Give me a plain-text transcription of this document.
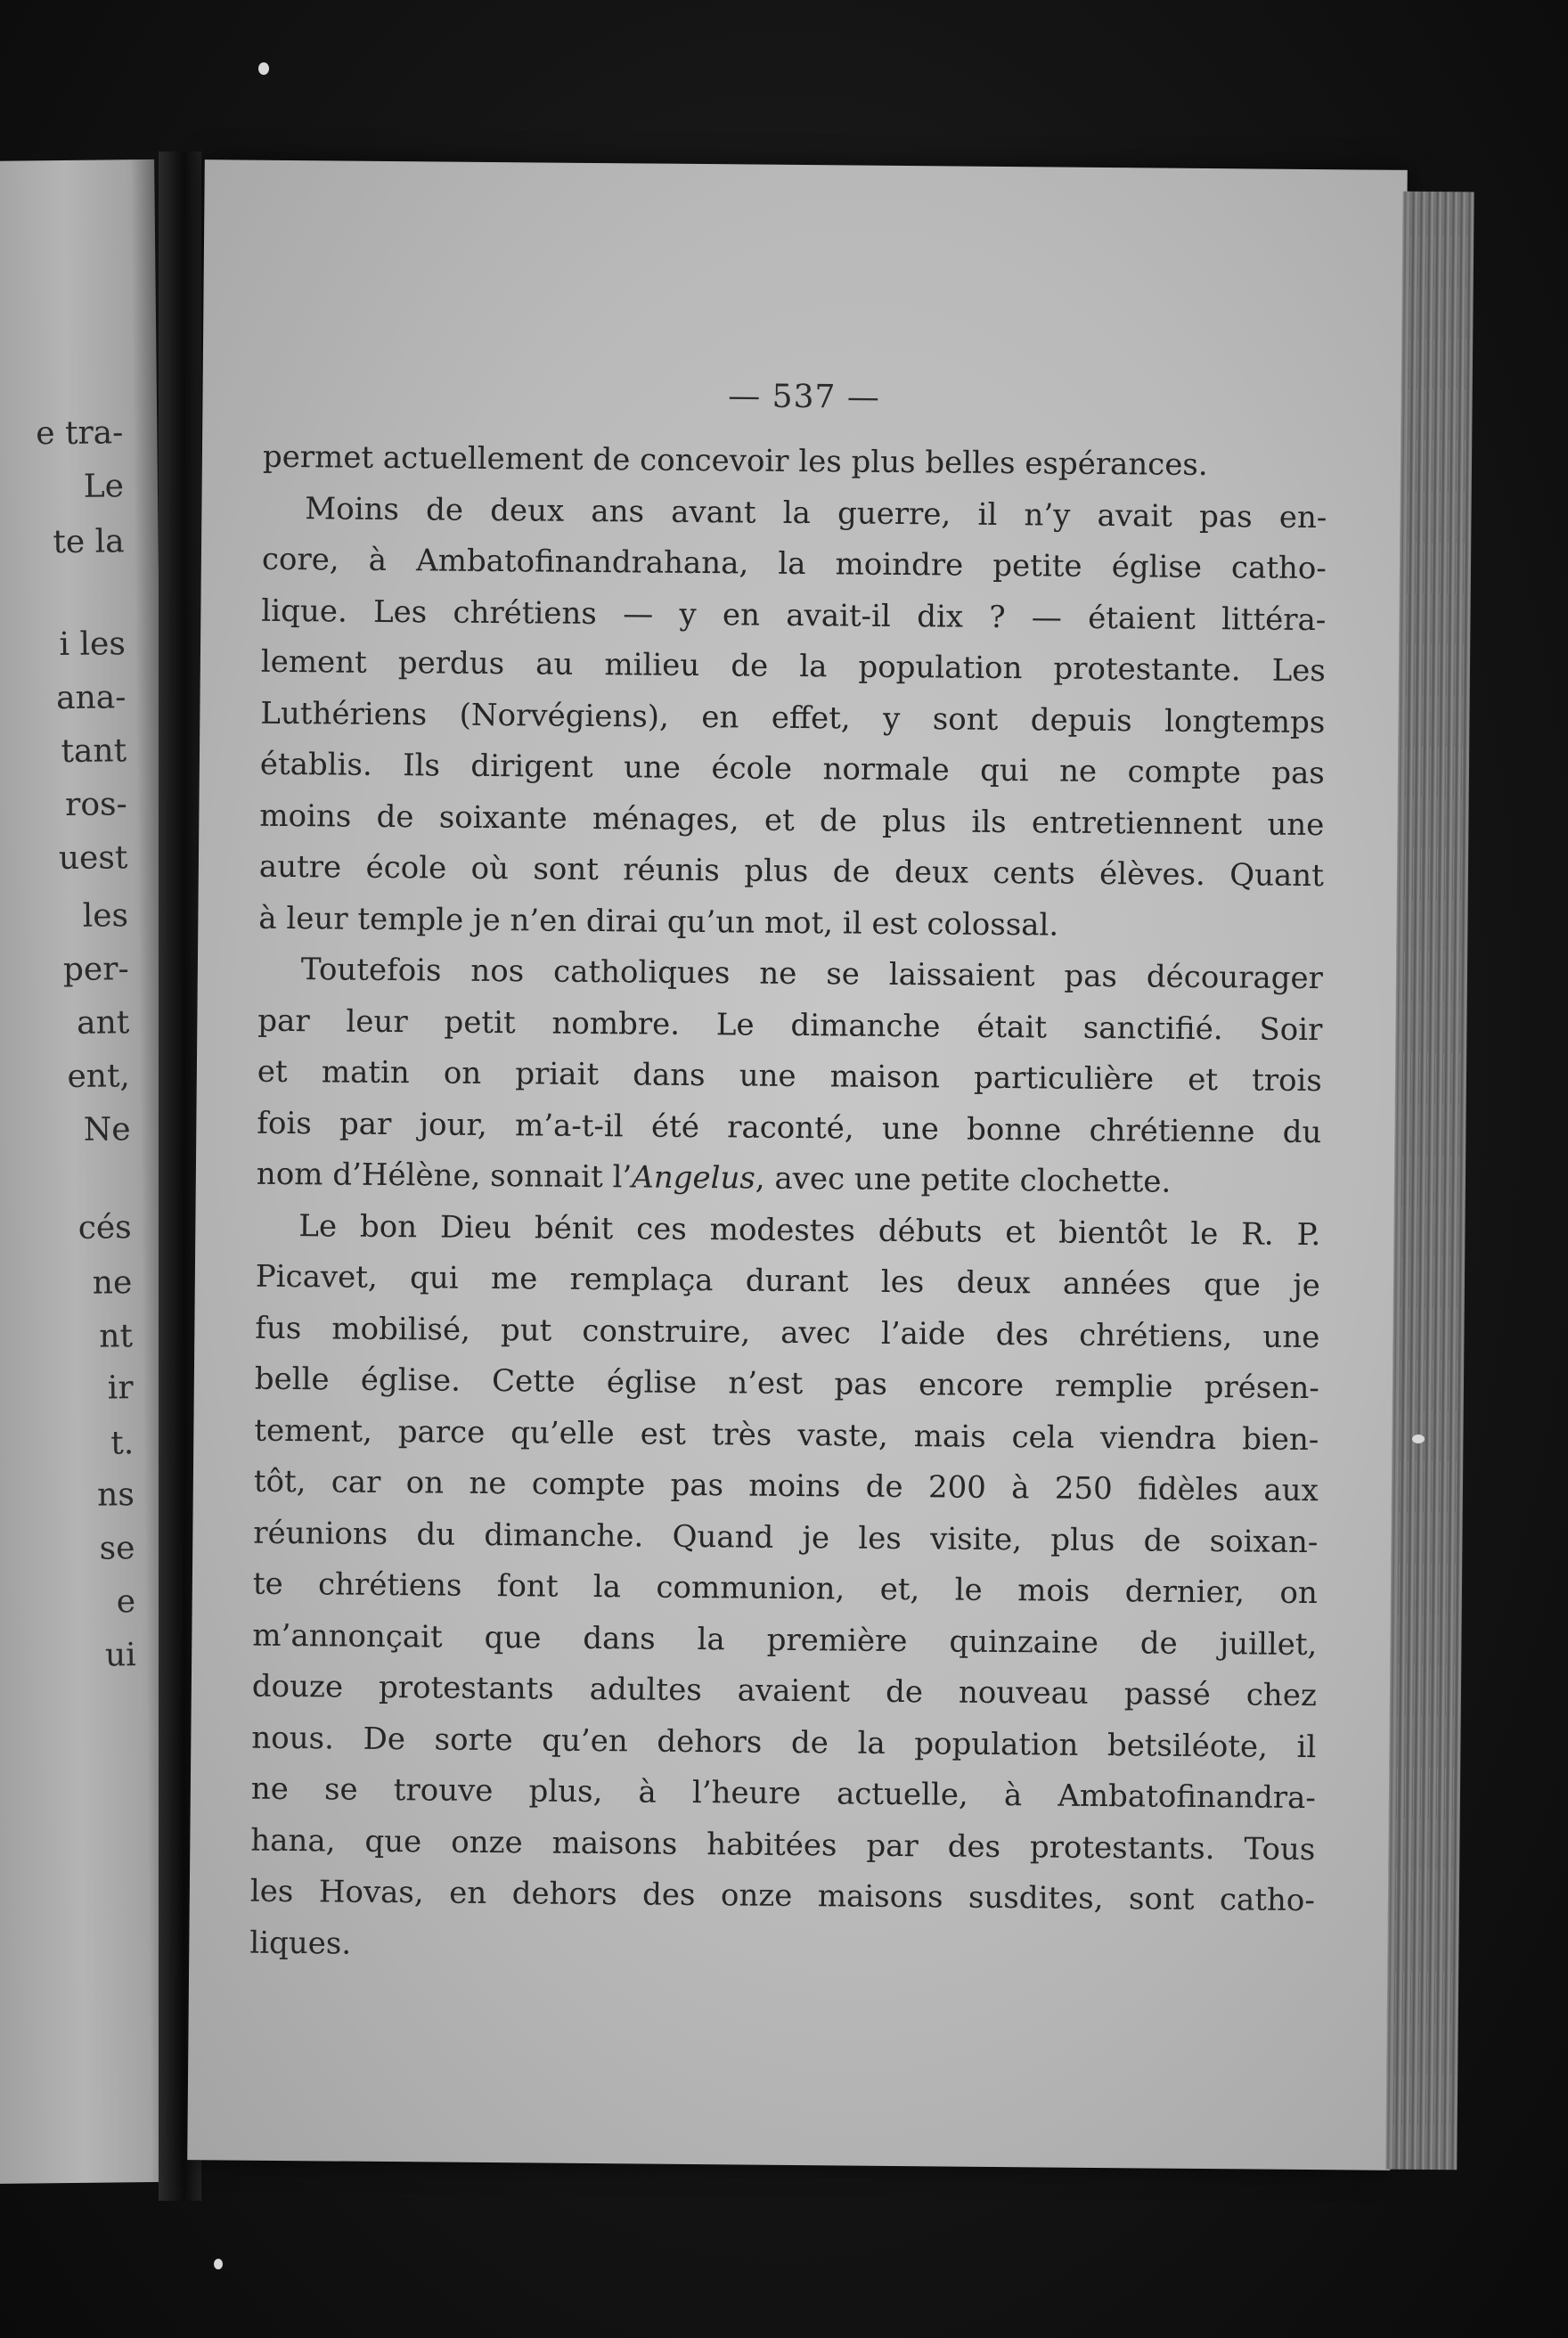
e tra-
Le
te la
i les
ana-
tant
ros-
uest
les
per-
ant
ent,
Ne
cés
ne
nt
ir
t.
ns
se
e
ui
— 537 —
permet actuellement de concevoir les plus belles espérances.
Moins de deux ans avant la guerre, il n’y avait pas en-
core, à Ambatofinandrahana, la moindre petite église catho-
lique. Les chrétiens — y en avait-il dix ? — étaient littéra-
lement perdus au milieu de la population protestante. Les
Luthériens (Norvégiens), en effet, y sont depuis longtemps
établis. Ils dirigent une école normale qui ne compte pas
moins de soixante ménages, et de plus ils entretiennent une
autre école où sont réunis plus de deux cents élèves. Quant
à leur temple je n’en dirai qu’un mot, il est colossal.
Toutefois nos catholiques ne se laissaient pas décourager
par leur petit nombre. Le dimanche était sanctifié. Soir
et matin on priait dans une maison particulière et trois
fois par jour, m’a-t-il été raconté, une bonne chrétienne du
nom d’Hélène, sonnait l’Angelus, avec une petite clochette.
Le bon Dieu bénit ces modestes débuts et bientôt le R. P.
Picavet, qui me remplaça durant les deux années que je
fus mobilisé, put construire, avec l’aide des chrétiens, une
belle église. Cette église n’est pas encore remplie présen-
tement, parce qu’elle est très vaste, mais cela viendra bien-
tôt, car on ne compte pas moins de 200 à 250 fidèles aux
réunions du dimanche. Quand je les visite, plus de soixan-
te chrétiens font la communion, et, le mois dernier, on
m’annonçait que dans la première quinzaine de juillet,
douze protestants adultes avaient de nouveau passé chez
nous. De sorte qu’en dehors de la population betsiléote, il
ne se trouve plus, à l’heure actuelle, à Ambatofinandra-
hana, que onze maisons habitées par des protestants. Tous
les Hovas, en dehors des onze maisons susdites, sont catho-
liques.
